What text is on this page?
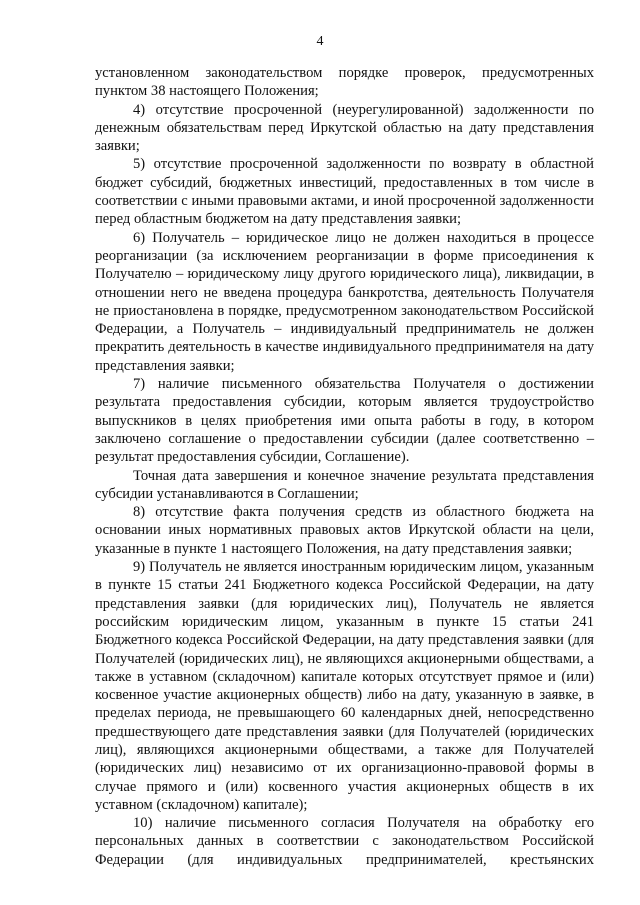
4

установленном законодательством порядке проверок, предусмотренных пунктом 38 настоящего Положения;

4) отсутствие просроченной (неурегулированной) задолженности по денежным обязательствам перед Иркутской областью на дату представления заявки;

5) отсутствие просроченной задолженности по возврату в областной бюджет субсидий, бюджетных инвестиций, предоставленных в том числе в соответствии с иными правовыми актами, и иной просроченной задолженности перед областным бюджетом на дату представления заявки;

6) Получатель – юридическое лицо не должен находиться в процессе реорганизации (за исключением реорганизации в форме присоединения к Получателю – юридическому лицу другого юридического лица), ликвидации, в отношении него не введена процедура банкротства, деятельность Получателя не приостановлена в порядке, предусмотренном законодательством Российской Федерации, а Получатель – индивидуальный предприниматель не должен прекратить деятельность в качестве индивидуального предпринимателя на дату представления заявки;

7) наличие письменного обязательства Получателя о достижении результата предоставления субсидии, которым является трудоустройство выпускников в целях приобретения ими опыта работы в году, в котором заключено соглашение о предоставлении субсидии (далее соответственно – результат предоставления субсидии, Соглашение).

Точная дата завершения и конечное значение результата представления субсидии устанавливаются в Соглашении;

8) отсутствие факта получения средств из областного бюджета на основании иных нормативных правовых актов Иркутской области на цели, указанные в пункте 1 настоящего Положения, на дату представления заявки;

9) Получатель не является иностранным юридическим лицом, указанным в пункте 15 статьи 241 Бюджетного кодекса Российской Федерации, на дату представления заявки (для юридических лиц), Получатель не является российским юридическим лицом, указанным в пункте 15 статьи 241 Бюджетного кодекса Российской Федерации, на дату представления заявки (для Получателей (юридических лиц), не являющихся акционерными обществами, а также в уставном (складочном) капитале которых отсутствует прямое и (или) косвенное участие акционерных обществ) либо на дату, указанную в заявке, в пределах периода, не превышающего 60 календарных дней, непосредственно предшествующего дате представления заявки (для Получателей (юридических лиц), являющихся акционерными обществами, а также для Получателей (юридических лиц) независимо от их организационно-правовой формы в случае прямого и (или) косвенного участия акционерных обществ в их уставном (складочном) капитале);

10) наличие письменного согласия Получателя на обработку его персональных данных в соответствии с законодательством Российской Федерации (для индивидуальных предпринимателей, крестьянских
